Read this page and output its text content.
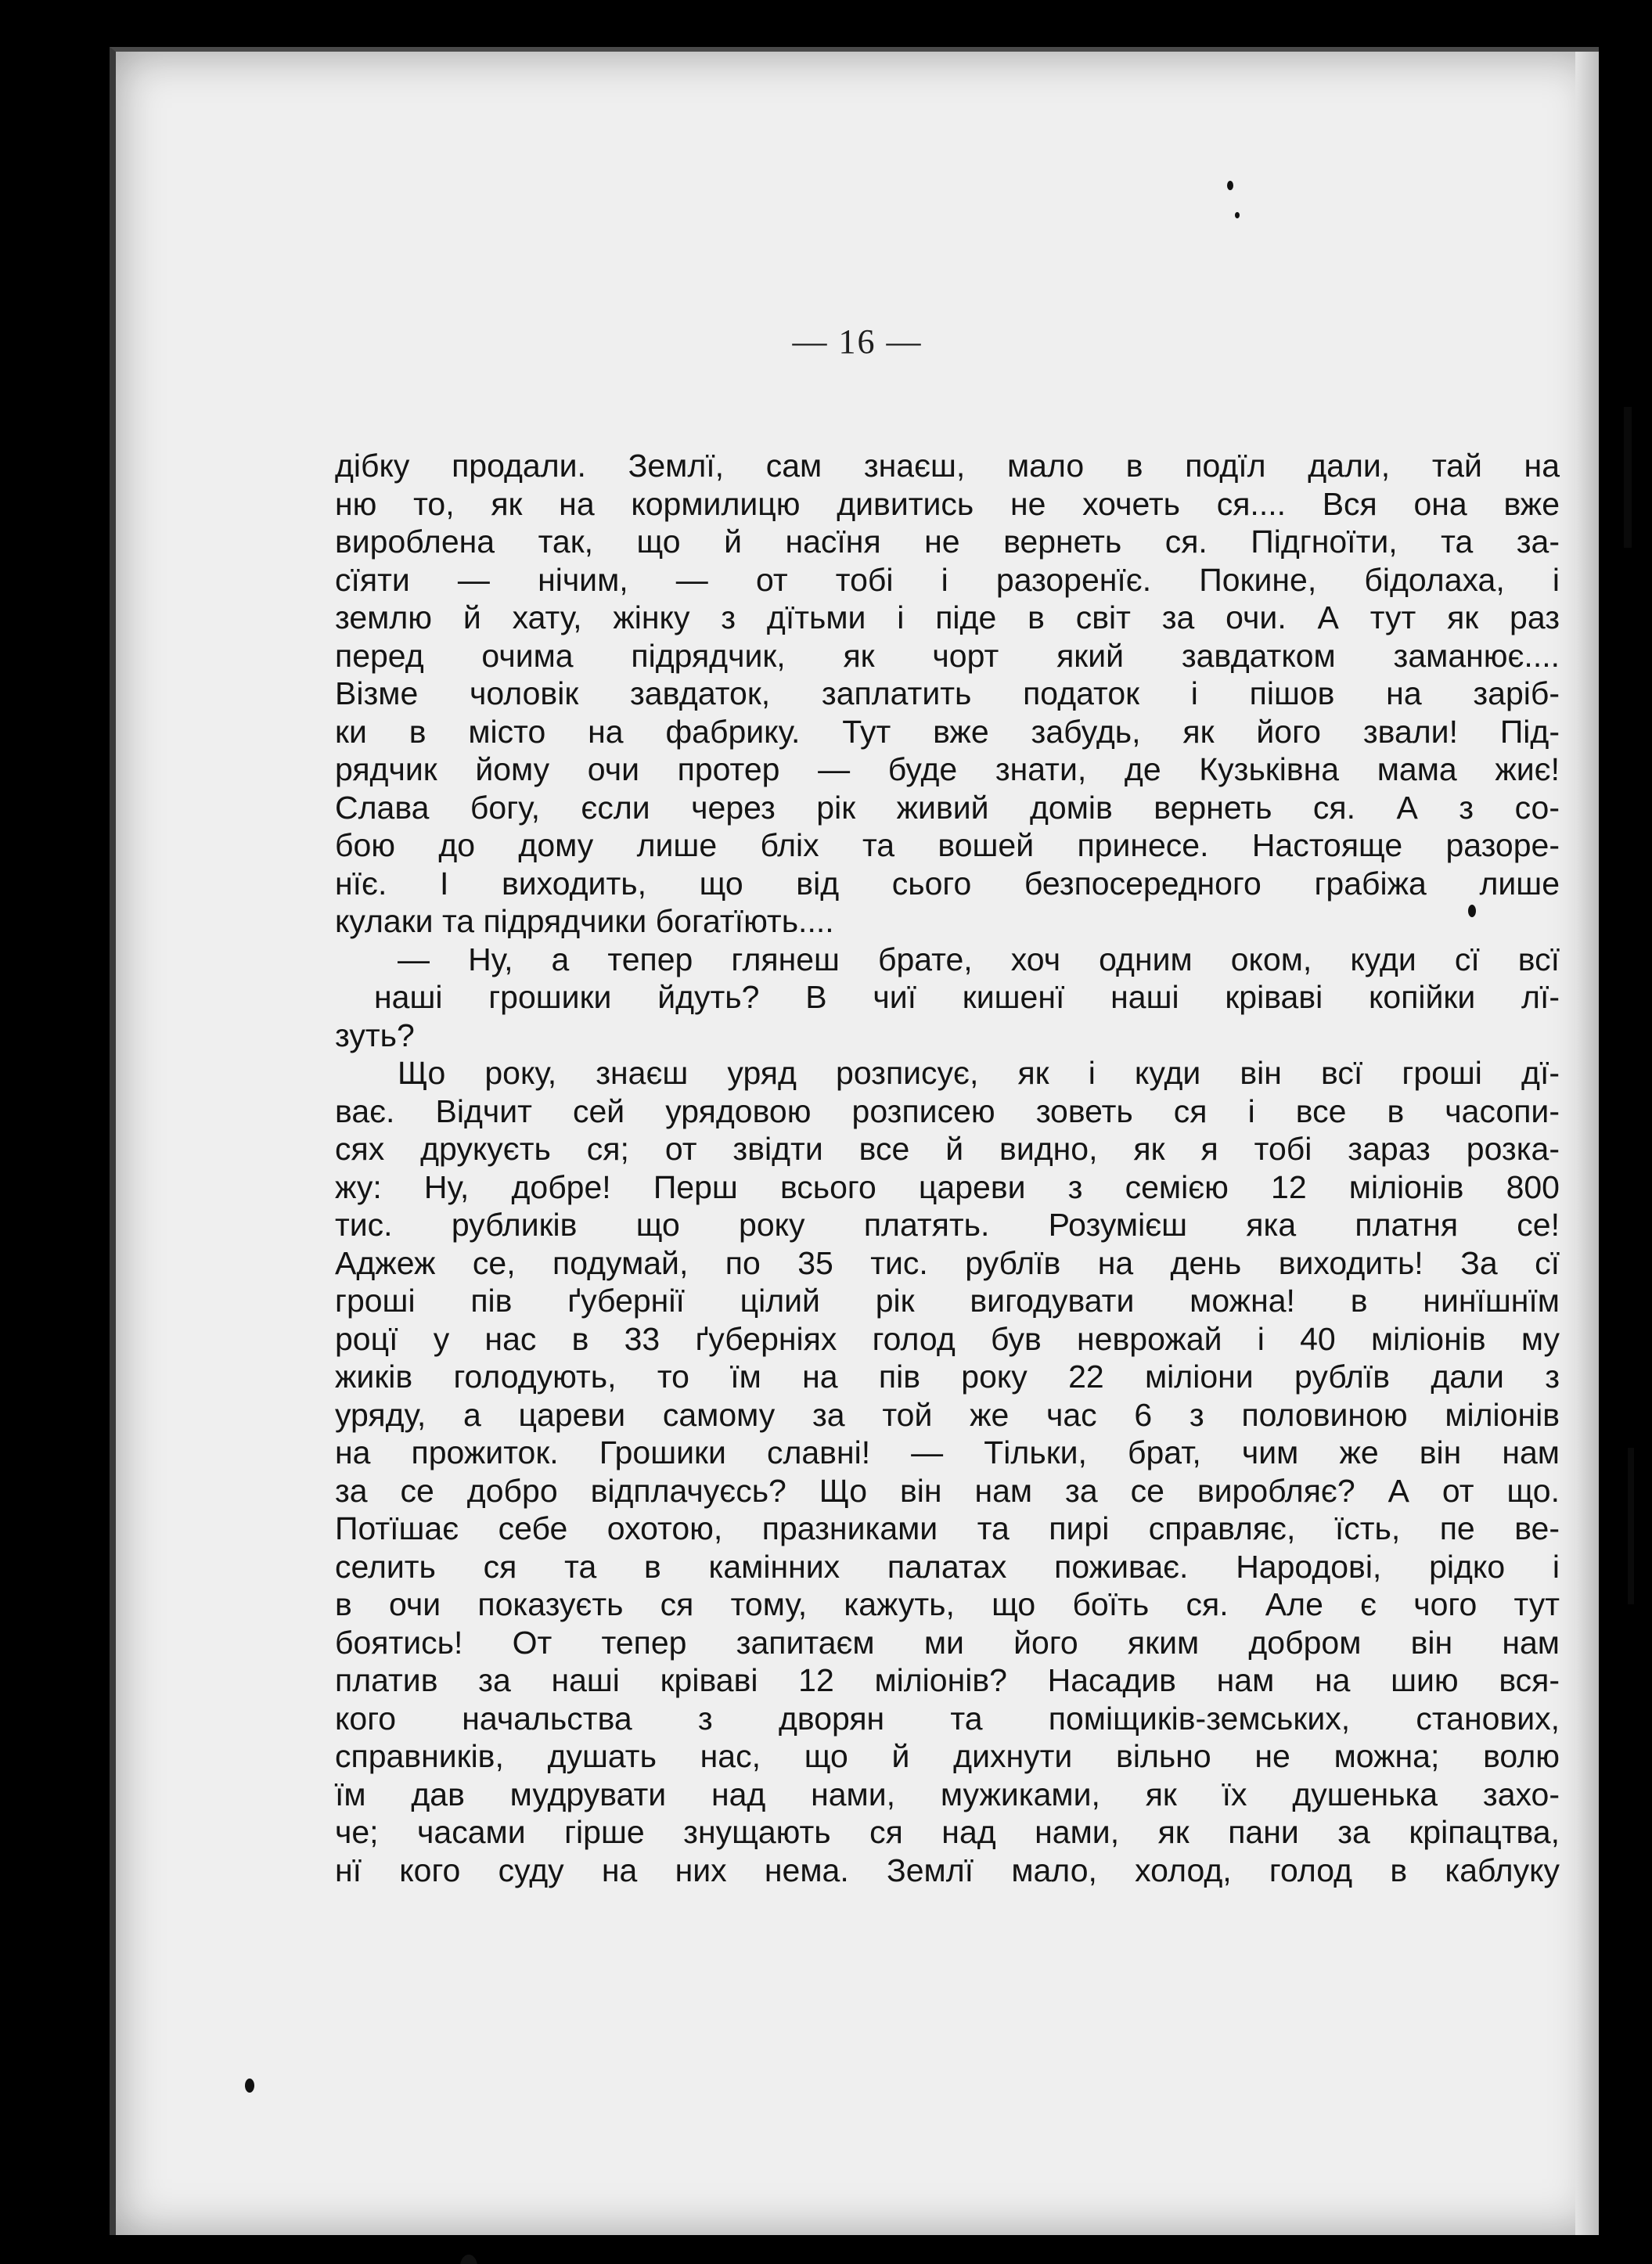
— 16 —
дібку продали. Землї, сам знаєш, мало в подїл дали, тай на
ню то, як на кормилицю дивитись не хочеть ся.... Вся она вже
вироблена так, що й насїня не вернеть ся. Підгноїти, та за-
сїяти — нічим, — от тобі і разоренїє. Покине, бідолаха, і
землю й хату, жінку з дїтьми і піде в свiт за очи. А тут як раз
перед очима підрядчик, як чорт який завдатком заманює....
Візме чоловік завдаток, заплатить податок і пішов на заріб-
ки в місто на фабрику. Тут вже забудь, як його звали! Під-
рядчик йому очи протер — буде знати, де Кузькiвна мама жиє!
Слава богу, єсли через рік живий домів вернеть ся. А з со-
бою до дому лише бліх та вошей принесе. Настояще разоре-
нїє. І виходить, що від сього безпосередного грабіжа лише
кулаки та підрядчики богатїють....
— Ну, а тепер глянеш брате, хоч одним оком, куди сї всї
наші грошики йдуть? В чиї кишенї наші кріваві копійки лї-
зуть?
Що року, знаєш уряд розписує, як і куди він всї гроші дї-
ває. Відчит сей урядовою розписею зоветь ся і все в часопи-
сях друкуєть ся; от звідти все й видно, як я тобі зараз розка-
жу: Ну, добре! Перш всього цареви з семією 12 міліонів 800
тис. рубликів що року платять. Розумієш яка платня се!
Аджеж се, подумай, по 35 тис. рублїв на день виходить! За сї
гроші пів ґубернії цілий рік вигодувати можна! в нинїшнїм
роцї у нас в 33 ґуберніях голод був неврожай і 40 міліонів му
жиків голодують, то їм на пів року 22 міліони рублїв дали з
уряду, а цареви самому за той же час 6 з половиною міліонів
на прожиток. Грошики славні! — Тільки, брат, чим же він нам
за се добро відплачуєсь? Що він нам за се виробляє? А от що.
Потїшає себе охотою, празниками та пирі справляє, їсть, пе ве-
селить ся та в камінних палатах поживає. Народові, рідко і
в очи показуєть ся тому, кажуть, що боїть ся. Але є чого тут
боятись! От тепер запитаєм ми його яким добром він нам
платив за наші кріваві 12 міліонів? Насадив нам на шию вся-
кого начальства з дворян та поміщиків-земських, станових,
справників, душать нас, що й дихнути вільно не можна; волю
їм дав мудрувати над нами, мужиками, як їх душенька захо-
че; часами гірше знущають ся над нами, як пани за кріпацтва,
нї кого суду на них нема. Землї мало, холод, голод в каблуку
